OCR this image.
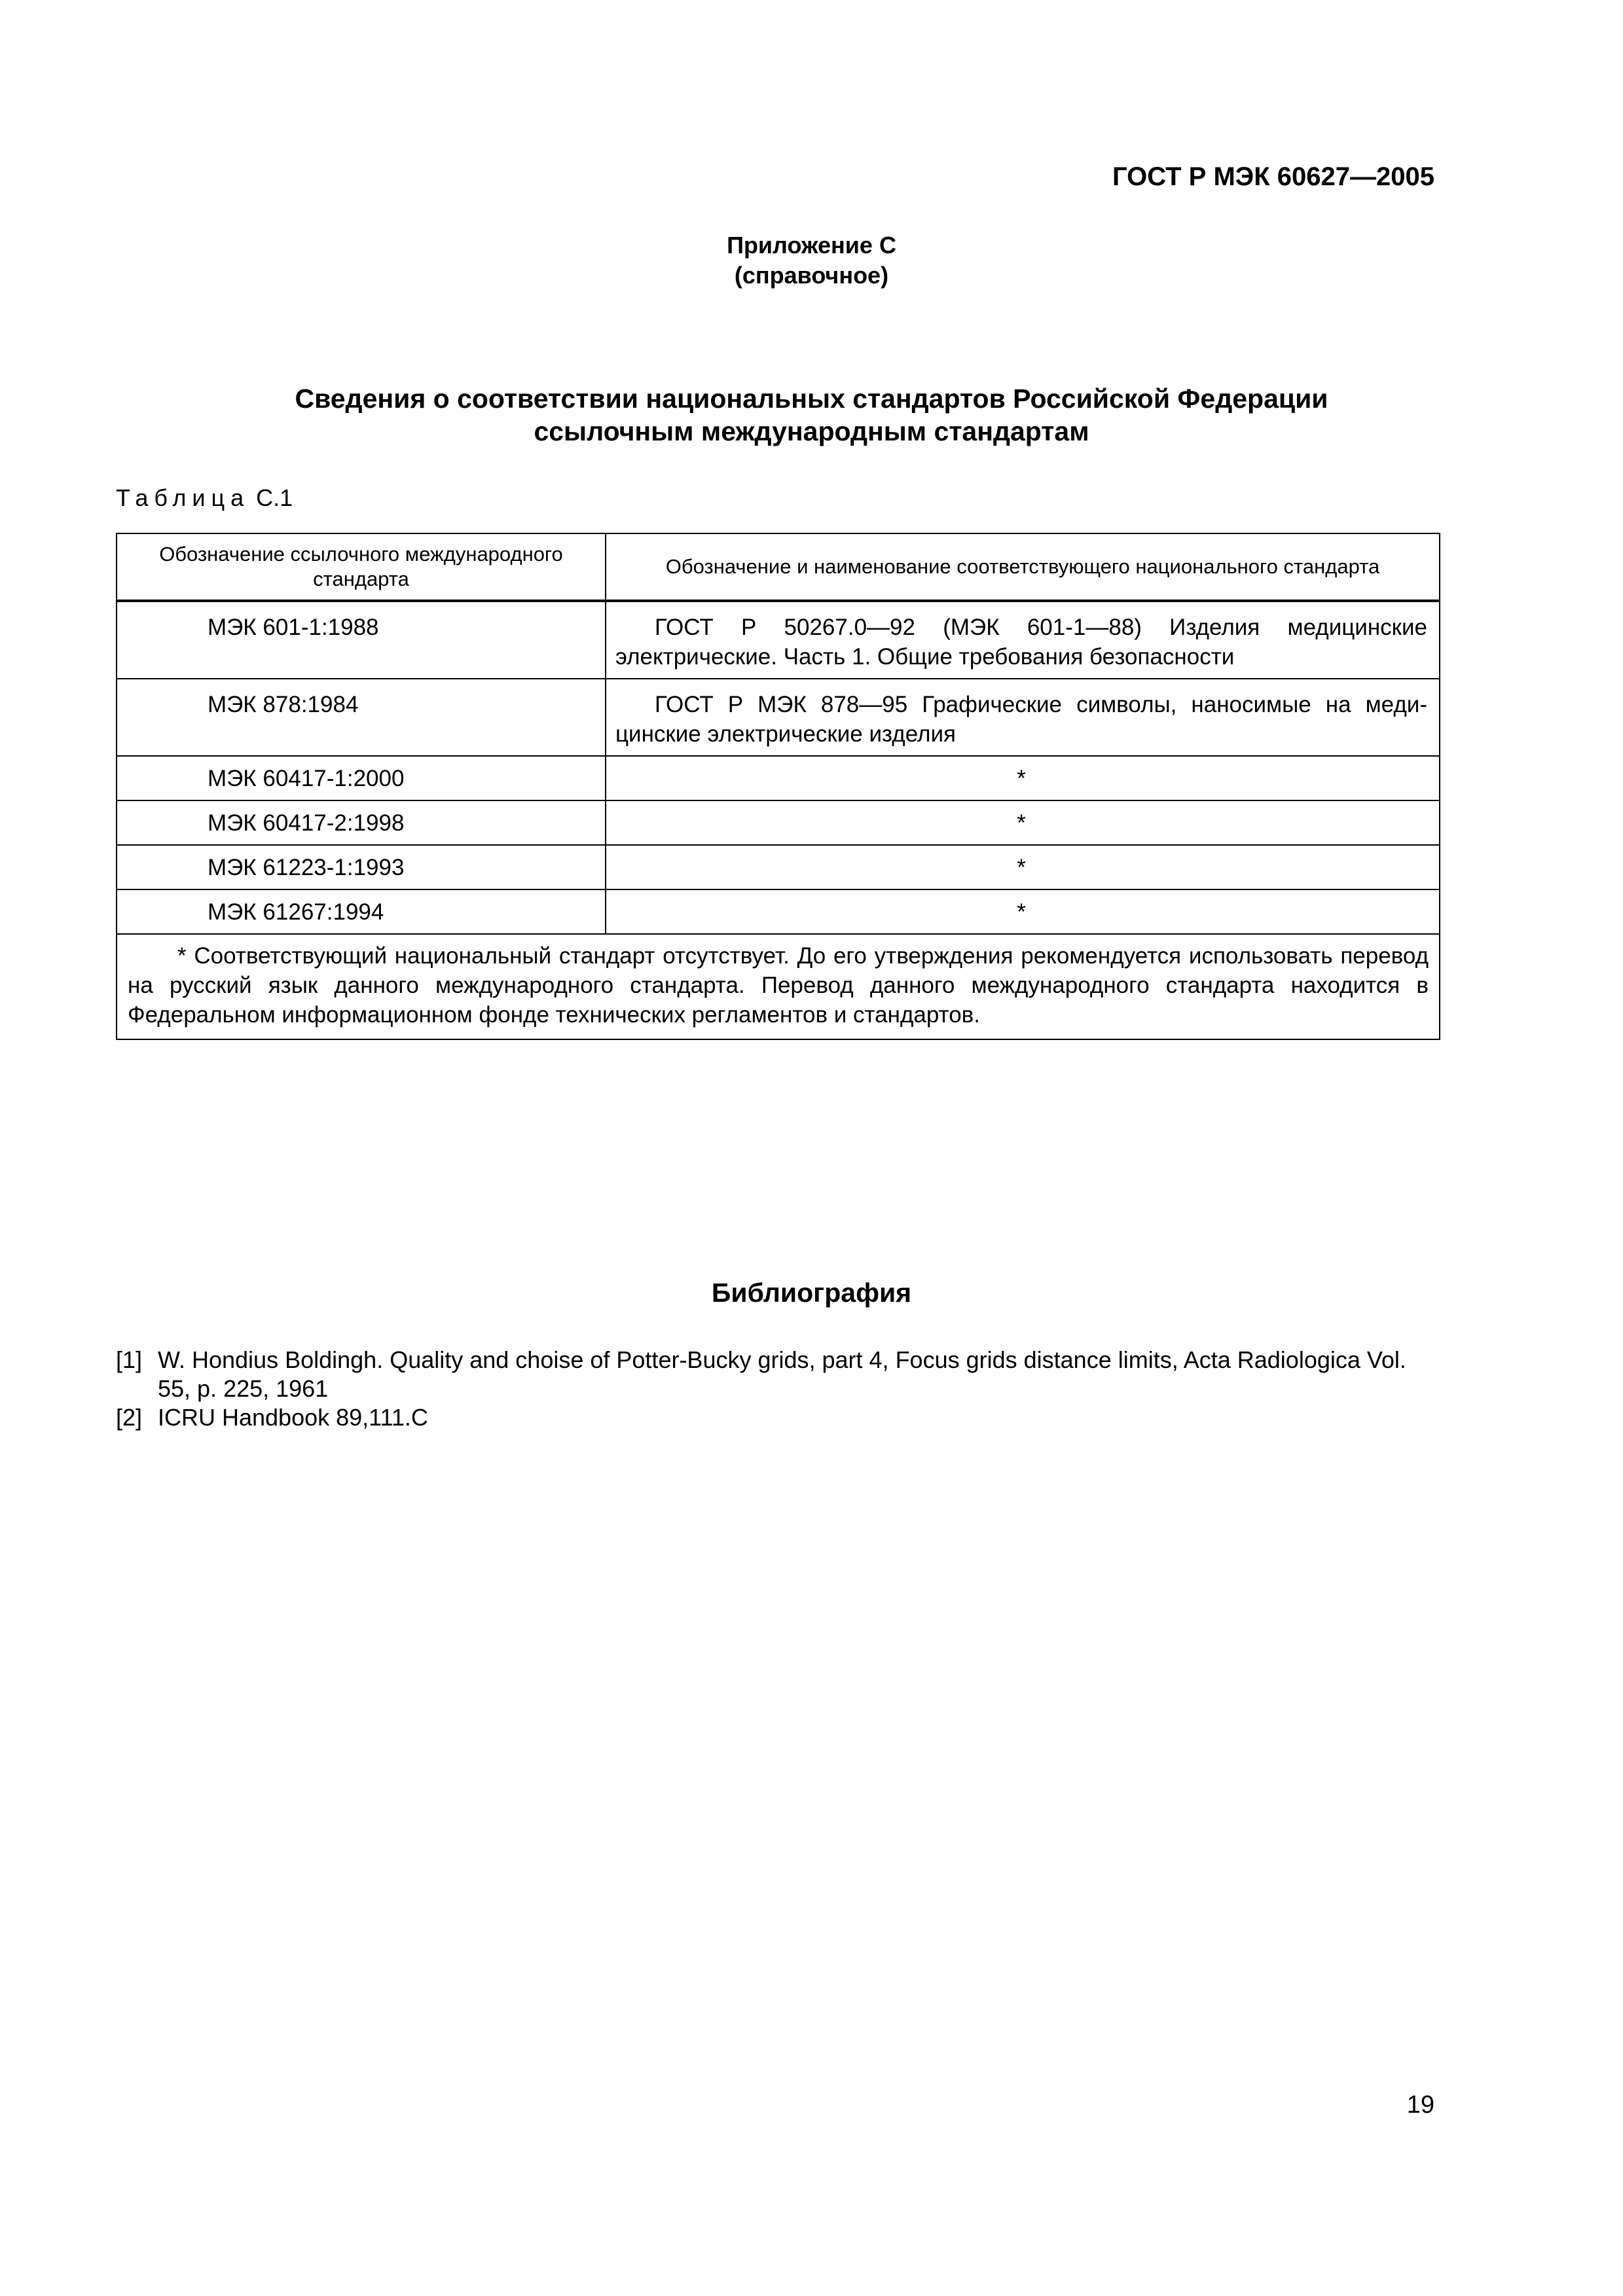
ГОСТ Р МЭК 60627—2005
Приложение С
(справочное)
Сведения о соответствии национальных стандартов Российской Федерации
ссылочным международным стандартам
Таблица С.1
Обозначение ссылочного международного стандарта	Обозначение и наименование соответствующего национального стандарта
МЭК 601-1:1988	ГОСТ Р 50267.0—92 (МЭК 601-1—88) Изделия медицинские электрические. Часть 1. Общие требования безопасности

МЭК 878:1984	ГОСТ Р МЭК 878—95 Графические символы, наносимые на медицинские электрические изделия

МЭК 60417-1:2000	*
МЭК 60417-2:1998	*
МЭК 61223-1:1993	*
МЭК 61267:1994	*
* Соответствующий национальный стандарт отсутствует. До его утверждения рекомендуется использовать перевод на русский язык данного международного стандарта. Перевод данного международного стандарта находится в Федеральном информационном фонде технических регламентов и стандартов.	
Библиография
[1] W. Hondius Boldingh. Quality and choise of Potter-Bucky grids, part 4, Focus grids distance limits, Acta Radiologica Vol. 55, p. 225, 1961
[2] ICRU Handbook 89,111.C
19
